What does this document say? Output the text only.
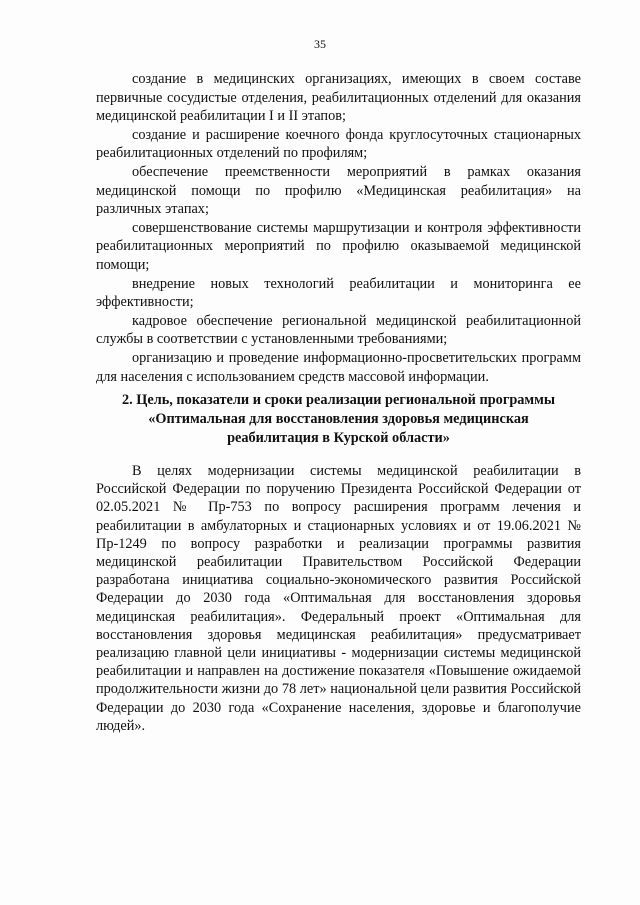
35

создание в медицинских организациях, имеющих в своем составе первичные сосудистые отделения, реабилитационных отделений для оказания медицинской реабилитации I и II этапов;

создание и расширение коечного фонда круглосуточных стационарных реабилитационных отделений по профилям;

обеспечение преемственности мероприятий в рамках оказания медицинской помощи по профилю «Медицинская реабилитация» на различных этапах;

совершенствование системы маршрутизации и контроля эффективности реабилитационных мероприятий по профилю оказываемой медицинской помощи;

внедрение новых технологий реабилитации и мониторинга ее эффективности;

кадровое обеспечение региональной медицинской реабилитационной службы в соответствии с установленными требованиями;

организацию и проведение информационно-просветительских программ для населения с использованием средств массовой информации.

2. Цель, показатели и сроки реализации региональной программы
«Оптимальная для восстановления здоровья медицинская
реабилитация в Курской области»

В целях модернизации системы медицинской реабилитации в Российской Федерации по поручению Президента Российской Федерации от 02.05.2021 № Пр-753 по вопросу расширения программ лечения и реабилитации в амбулаторных и стационарных условиях и от 19.06.2021 № Пр-1249 по вопросу разработки и реализации программы развития медицинской реабилитации Правительством Российской Федерации разработана инициатива социально-экономического развития Российской Федерации до 2030 года «Оптимальная для восстановления здоровья медицинская реабилитация». Федеральный проект «Оптимальная для восстановления здоровья медицинская реабилитация» предусматривает реализацию главной цели инициативы - модернизации системы медицинской реабилитации и направлен на достижение показателя «Повышение ожидаемой продолжительности жизни до 78 лет» национальной цели развития Российской Федерации до 2030 года «Сохранение населения, здоровье и благополучие людей».
